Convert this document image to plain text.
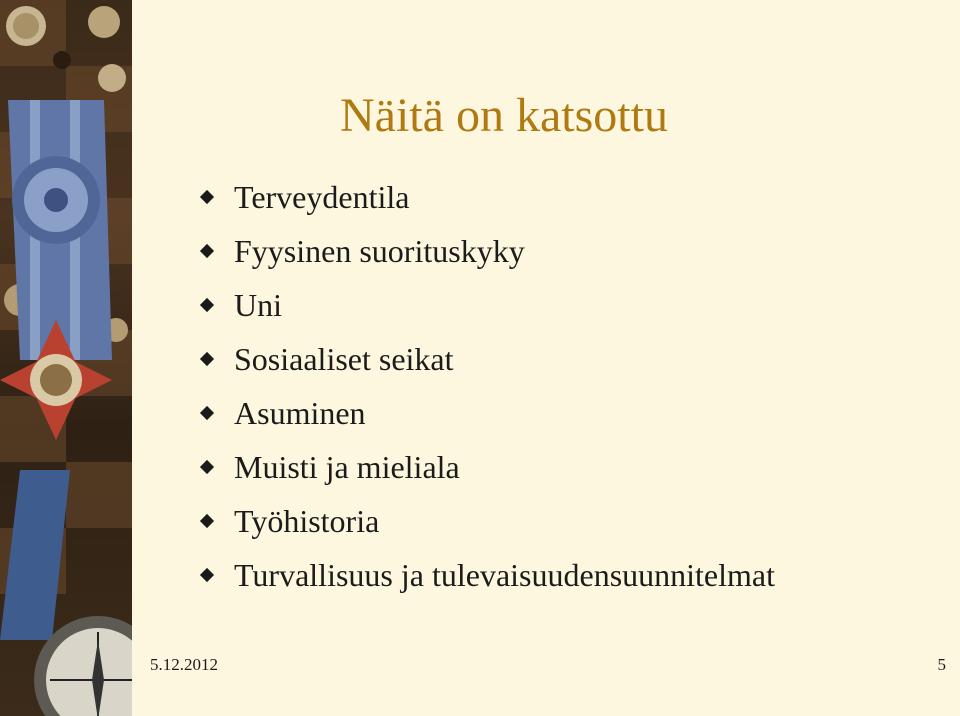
Näitä on katsottu
Terveydentila
Fyysinen suorituskyky
Uni
Sosiaaliset seikat
Asuminen
Muisti ja mieliala
Työhistoria
Turvallisuus ja tulevaisuudensuunnitelmat
5.12.2012	5
